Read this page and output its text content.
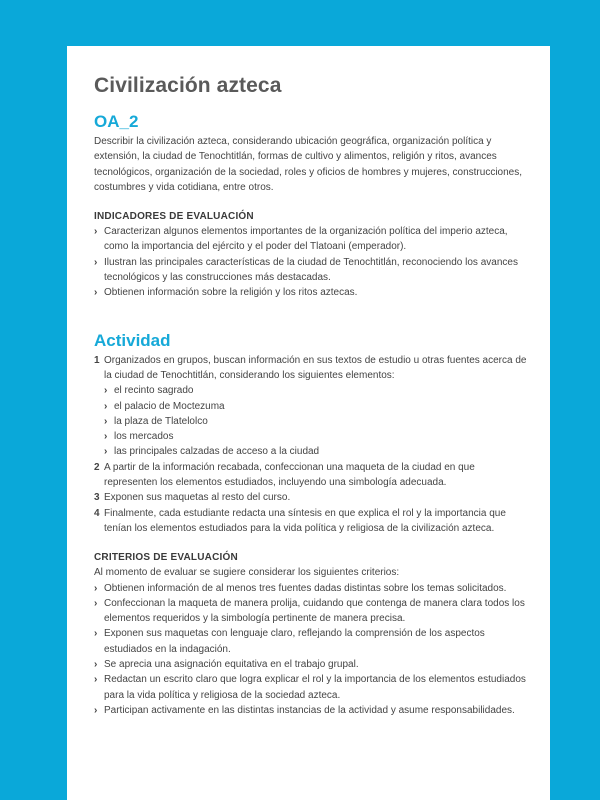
Civilización azteca
OA_2

Describir la civilización azteca, considerando ubicación geográfica, organización política y extensión, la ciudad de Tenochtitlán, formas de cultivo y alimentos, religión y ritos, avances tecnológicos, organización de la sociedad, roles y oficios de hombres y mujeres, construcciones, costumbres y vida cotidiana, entre otros.

INDICADORES DE EVALUACIÓN
› Caracterizan algunos elementos importantes de la organización política del imperio azteca, como la importancia del ejército y el poder del Tlatoani (emperador).
› Ilustran las principales características de la ciudad de Tenochtitlán, reconociendo los avances tecnológicos y las construcciones más destacadas.
› Obtienen información sobre la religión y los ritos aztecas.
Actividad
1 Organizados en grupos, buscan información en sus textos de estudio u otras fuentes acerca de la ciudad de Tenochtitlán, considerando los siguientes elementos:
› el recinto sagrado
› el palacio de Moctezuma
› la plaza de Tlatelolco
› los mercados
› las principales calzadas de acceso a la ciudad
2 A partir de la información recabada, confeccionan una maqueta de la ciudad en que representen los elementos estudiados, incluyendo una simbología adecuada.
3 Exponen sus maquetas al resto del curso.
4 Finalmente, cada estudiante redacta una síntesis en que explica el rol y la importancia que tenían los elementos estudiados para la vida política y religiosa de la civilización azteca.
CRITERIOS DE EVALUACIÓN

Al momento de evaluar se sugiere considerar los siguientes criterios:

› Obtienen información de al menos tres fuentes dadas distintas sobre los temas solicitados.
› Confeccionan la maqueta de manera prolija, cuidando que contenga de manera clara todos los elementos requeridos y la simbología pertinente de manera precisa.
› Exponen sus maquetas con lenguaje claro, reflejando la comprensión de los aspectos estudiados en la indagación.
› Se aprecia una asignación equitativa en el trabajo grupal.
› Redactan un escrito claro que logra explicar el rol y la importancia de los elementos estudiados para la vida política y religiosa de la sociedad azteca.
› Participan activamente en las distintas instancias de la actividad y asume responsabilidades.
